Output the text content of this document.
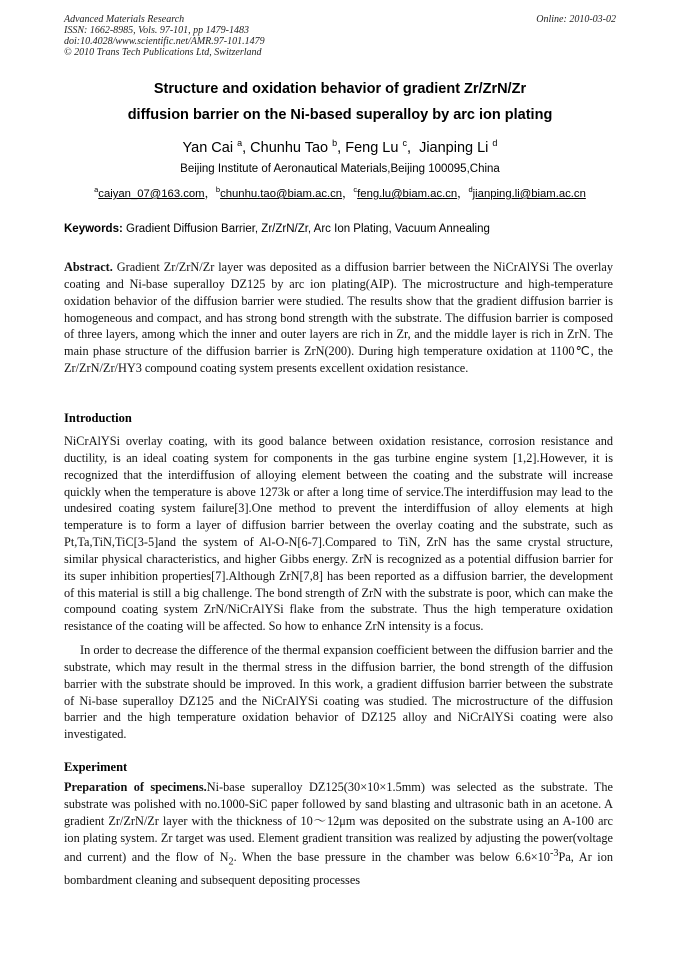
Advanced Materials Research
ISSN: 1662-8985, Vols. 97-101, pp 1479-1483
doi:10.4028/www.scientific.net/AMR.97-101.1479
© 2010 Trans Tech Publications Ltd, Switzerland
Online: 2010-03-02
Structure and oxidation behavior of gradient Zr/ZrN/Zr
diffusion barrier on the Ni-based superalloy by arc ion plating
Yan Cai $^a$, Chunhu Tao $^b$, Feng Lu $^c$,  Jianping Li $^d$
Beijing Institute of Aeronautical Materials,Beijing 100095,China
$^a$caiyan_07@163.com，$^b$chunhu.tao@biam.ac.cn，$^c$feng.lu@biam.ac.cn，$^d$jianping.li@biam.ac.cn
Keywords: Gradient Diffusion Barrier, Zr/ZrN/Zr, Arc Ion Plating, Vacuum Annealing

Abstract. Gradient Zr/ZrN/Zr layer was deposited as a diffusion barrier between the NiCrAlYSi The overlay coating and Ni-base superalloy DZ125 by arc ion plating(AIP). The microstructure and high-temperature oxidation behavior of the diffusion barrier were studied. The results show that the gradient diffusion barrier is homogeneous and compact, and has strong bond strength with the substrate. The diffusion barrier is composed of three layers, among which the inner and outer layers are rich in Zr, and the middle layer is rich in ZrN. The main phase structure of the diffusion barrier is ZrN(200). During high temperature oxidation at 1100℃, the Zr/ZrN/Zr/HY3 compound coating system presents excellent oxidation resistance.

Introduction

NiCrAlYSi overlay coating, with its good balance between oxidation resistance, corrosion resistance and ductility, is an ideal coating system for components in the gas turbine engine system [1,2].However, it is recognized that the interdiffusion of alloying element between the coating and the substrate will increase quickly when the temperature is above 1273k or after a long time of service.The interdiffusion may lead to the undesired coating system failure[3].One method to prevent the interdiffusion of alloy elements at high temperature is to form a layer of diffusion barrier between the overlay coating and the substrate, such as Pt,Ta,TiN,TiC[3-5]and the system of Al-O-N[6-7].Compared to TiN, ZrN has the same crystal structure, similar physical characteristics, and higher Gibbs energy. ZrN is recognized as a potential diffusion barrier for its super inhibition properties[7].Although ZrN[7,8] has been reported as a diffusion barrier, the development of this material is still a big challenge. The bond strength of ZrN with the substrate is poor, which can make the compound coating system ZrN/NiCrAlYSi flake from the substrate. Thus the high temperature oxidation resistance of the coating will be affected. So how to enhance ZrN intensity is a focus.

In order to decrease the difference of the thermal expansion coefficient between the diffusion barrier and the substrate, which may result in the thermal stress in the diffusion barrier, the bond strength of the diffusion barrier with the substrate should be improved. In this work, a gradient diffusion barrier between the substrate of Ni-base superalloy DZ125 and the NiCrAlYSi coating was studied. The microstructure of the diffusion barrier and the high temperature oxidation behavior of DZ125 alloy and NiCrAlYSi coating were also investigated.

Experiment

Preparation of specimens.Ni-base superalloy DZ125(30×10×1.5mm) was selected as the substrate. The substrate was polished with no.1000-SiC paper followed by sand blasting and ultrasonic bath in an acetone. A gradient Zr/ZrN/Zr layer with the thickness of 10～12μm was deposited on the substrate using an A-100 arc ion plating system. Zr target was used. Element gradient transition was realized by adjusting the power(voltage and current) and the flow of $N_2$. When the base pressure in the chamber was below $6.6\times 10^{-3}Pa$, Ar ion bombardment cleaning and subsequent depositing processes
